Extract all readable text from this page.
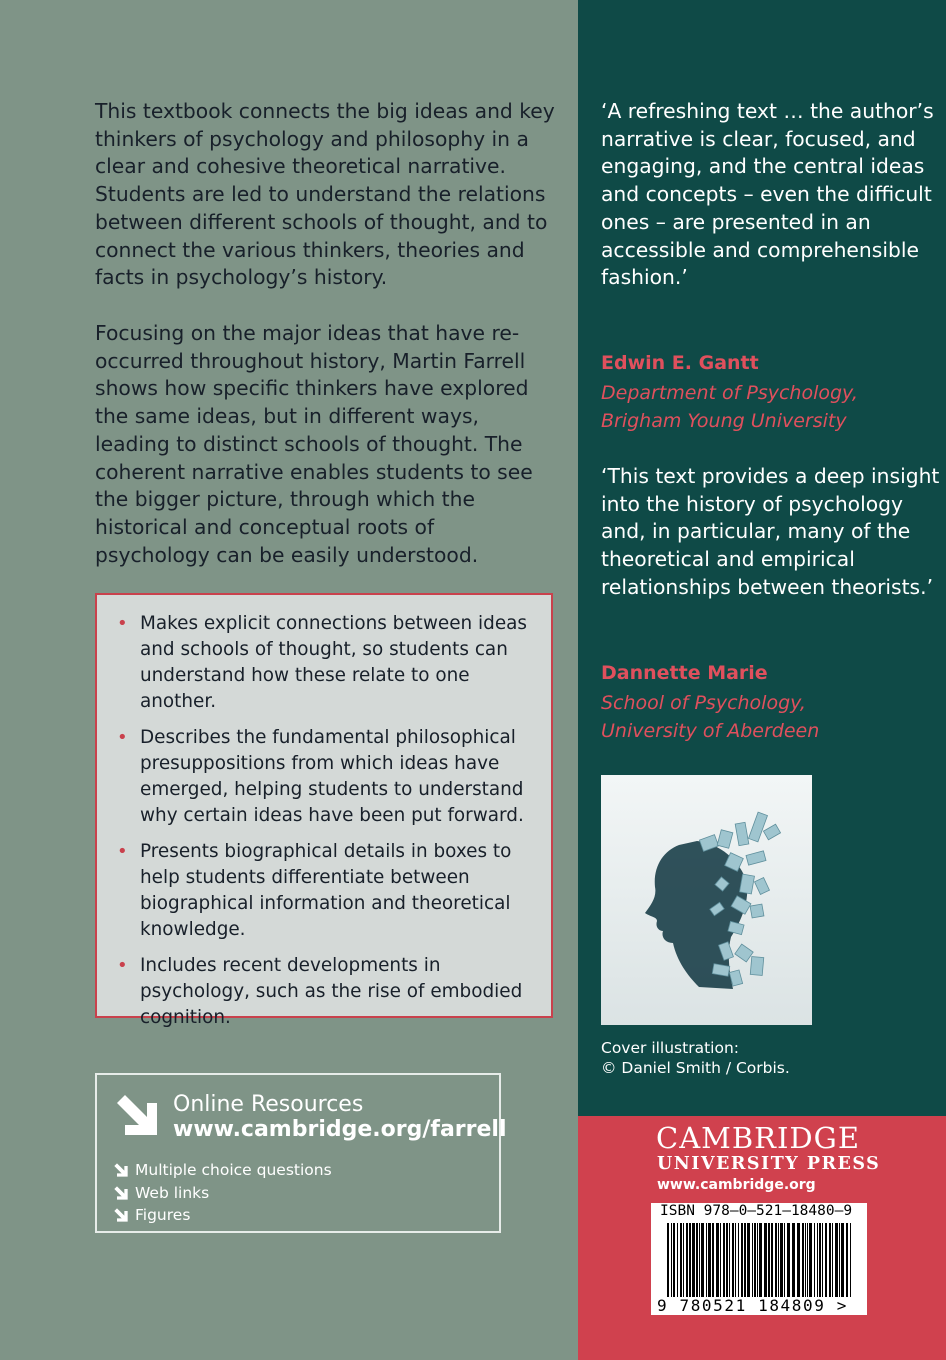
This textbook connects the big ideas and key thinkers of psychology and philosophy in a clear and cohesive theoretical narrative. Students are led to understand the relations between different schools of thought, and to connect the various thinkers, theories and facts in psychology’s history.

Focusing on the major ideas that have re-occurred throughout history, Martin Farrell shows how specific thinkers have explored the same ideas, but in different ways, leading to distinct schools of thought. The coherent narrative enables students to see the bigger picture, through which the historical and conceptual roots of psychology can be easily understood.

• Makes explicit connections between ideas and schools of thought, so students can understand how these relate to one another.
• Describes the fundamental philosophical presuppositions from which ideas have emerged, helping students to understand why certain ideas have been put forward.
• Presents biographical details in boxes to help students differentiate between biographical information and theoretical knowledge.
• Includes recent developments in psychology, such as the rise of embodied cognition.
Online Resources
www.cambridge.org/farrell
Multiple choice questions
Web links
Figures

‘A refreshing text … the author’s narrative is clear, focused, and engaging, and the central ideas and concepts – even the difficult ones – are presented in an accessible and comprehensible fashion.’

Edwin E. Gantt
Department of Psychology,
Brigham Young University

‘This text provides a deep insight into the history of psychology and, in particular, many of the theoretical and empirical relationships between theorists.’

Dannette Marie
School of Psychology,
University of Aberdeen
Cover illustration:
© Daniel Smith / Corbis.
CAMBRIDGE
UNIVERSITY PRESS
www.cambridge.org
ISBN 978–0–521–18480–9
9 780521 184809 >
